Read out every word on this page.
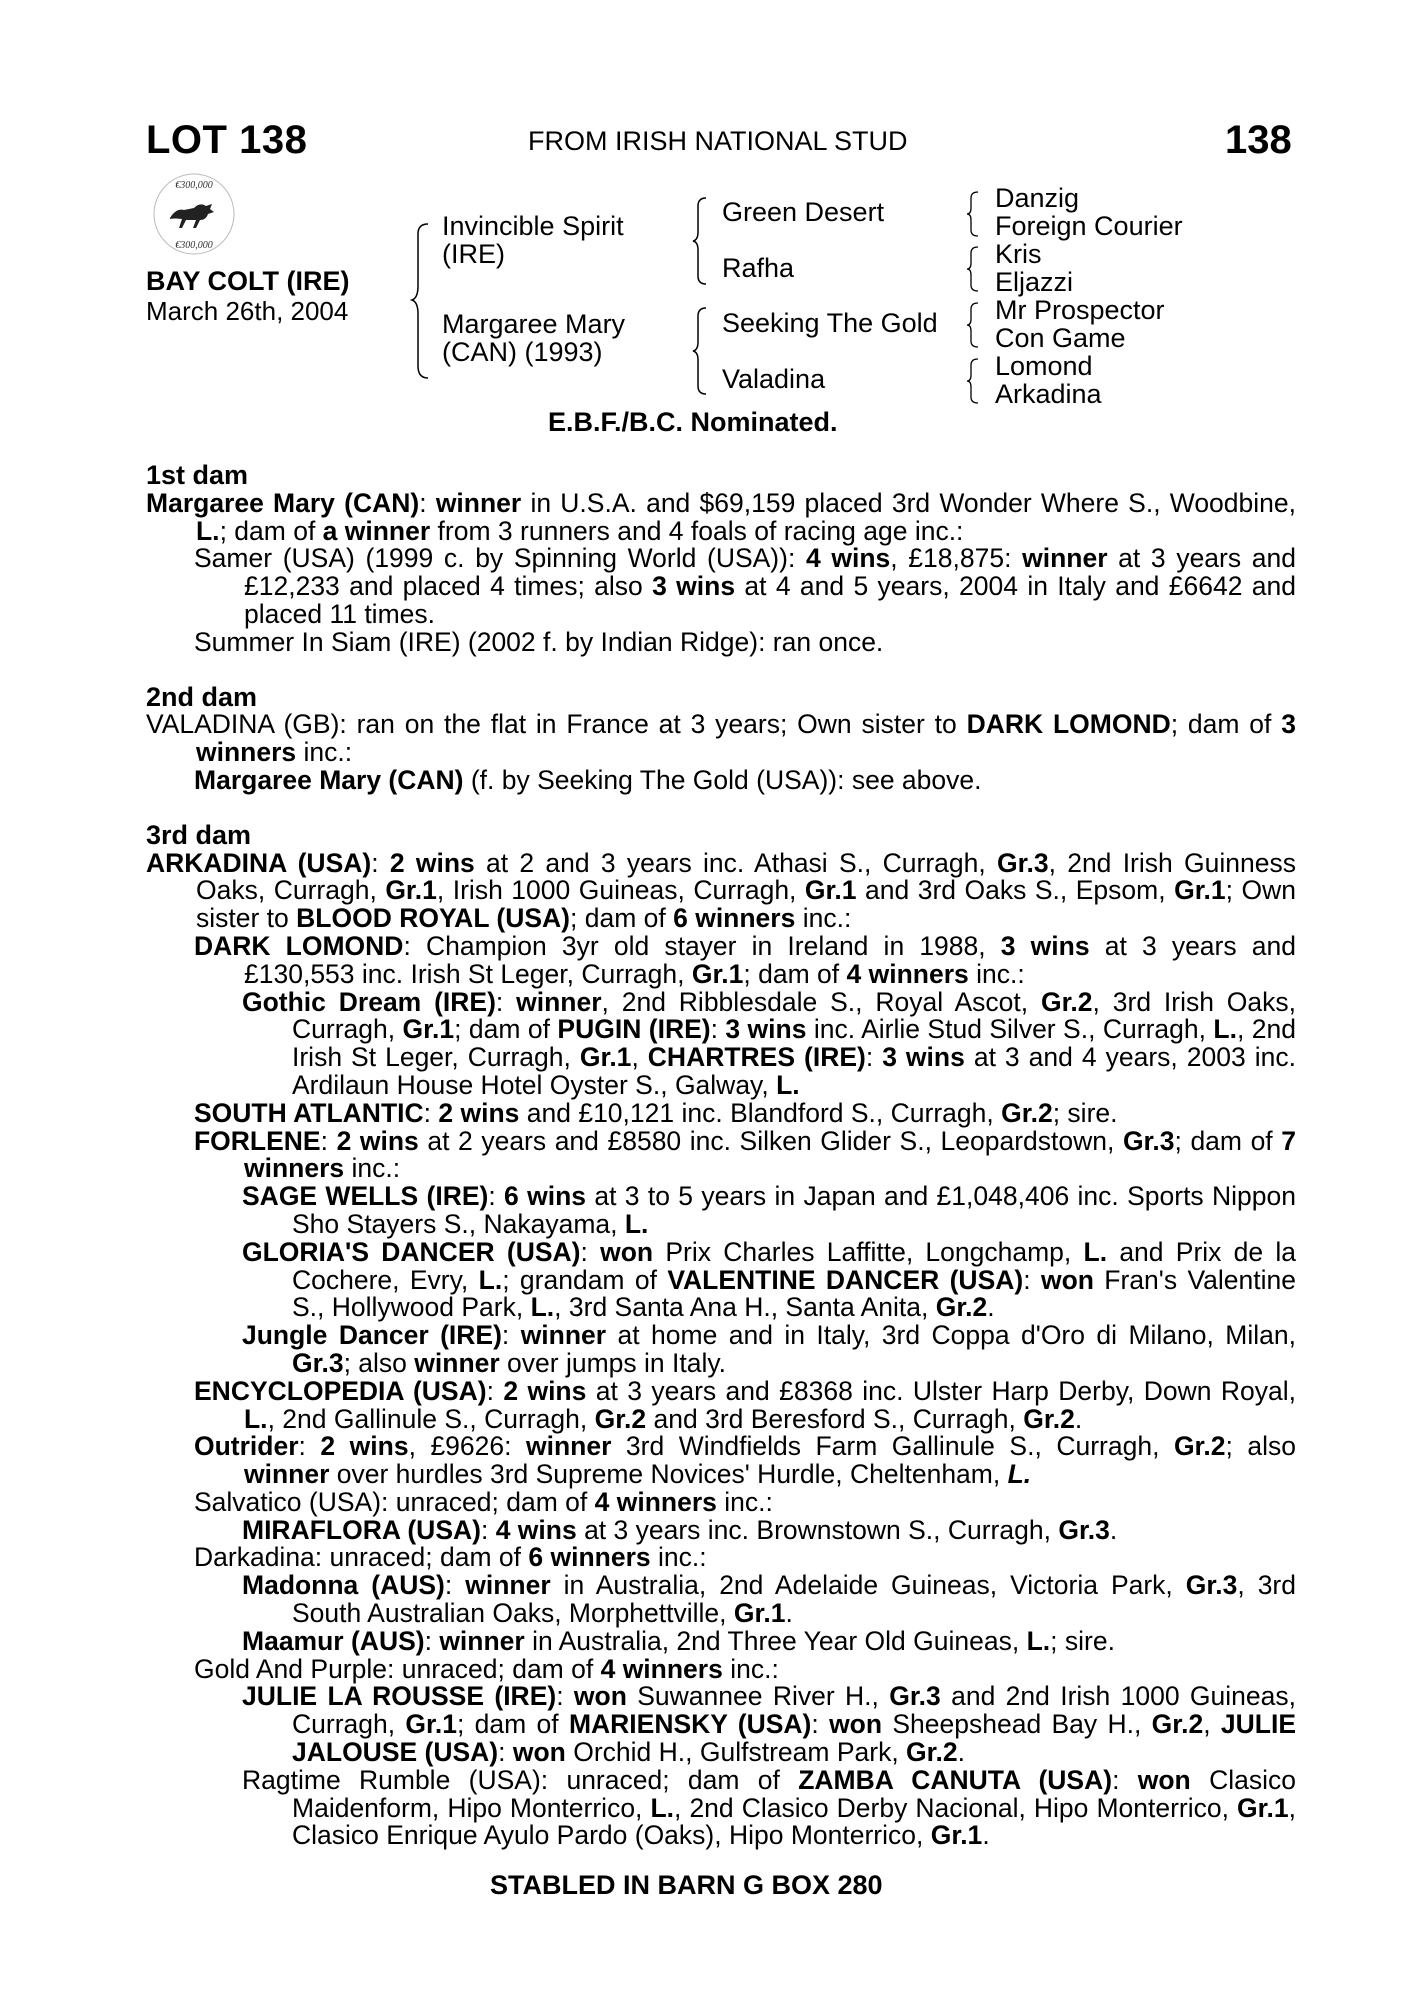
LOT 138	FROM IRISH NATIONAL STUD	138
€300,000
€300,000
BAY COLT (IRE)
March 26th, 2004
Invincible Spirit (IRE)
Margaree Mary (CAN) (1993)
Green Desert
Rafha
Seeking The Gold
Valadina
Danzig
Foreign Courier
Kris
Eljazzi
Mr Prospector
Con Game
Lomond
Arkadina
E.B.F./B.C. Nominated.
1st dam
Margaree Mary (CAN): winner in U.S.A. and $69,159 placed 3rd Wonder Where S., Woodbine, L.; dam of a winner from 3 runners and 4 foals of racing age inc.:
Samer (USA) (1999 c. by Spinning World (USA)): 4 wins, £18,875: winner at 3 years and £12,233 and placed 4 times; also 3 wins at 4 and 5 years, 2004 in Italy and £6642 and placed 11 times.
Summer In Siam (IRE) (2002 f. by Indian Ridge): ran once.
2nd dam
VALADINA (GB): ran on the flat in France at 3 years; Own sister to DARK LOMOND; dam of 3 winners inc.:
Margaree Mary (CAN) (f. by Seeking The Gold (USA)): see above.
3rd dam
ARKADINA (USA): 2 wins at 2 and 3 years inc. Athasi S., Curragh, Gr.3, 2nd Irish Guinness Oaks, Curragh, Gr.1, Irish 1000 Guineas, Curragh, Gr.1 and 3rd Oaks S., Epsom, Gr.1; Own sister to BLOOD ROYAL (USA); dam of 6 winners inc.:
DARK LOMOND: Champion 3yr old stayer in Ireland in 1988, 3 wins at 3 years and £130,553 inc. Irish St Leger, Curragh, Gr.1; dam of 4 winners inc.:
Gothic Dream (IRE): winner, 2nd Ribblesdale S., Royal Ascot, Gr.2, 3rd Irish Oaks, Curragh, Gr.1; dam of PUGIN (IRE): 3 wins inc. Airlie Stud Silver S., Curragh, L., 2nd Irish St Leger, Curragh, Gr.1, CHARTRES (IRE): 3 wins at 3 and 4 years, 2003 inc. Ardilaun House Hotel Oyster S., Galway, L.
SOUTH ATLANTIC: 2 wins and £10,121 inc. Blandford S., Curragh, Gr.2; sire.
FORLENE: 2 wins at 2 years and £8580 inc. Silken Glider S., Leopardstown, Gr.3; dam of 7 winners inc.:
SAGE WELLS (IRE): 6 wins at 3 to 5 years in Japan and £1,048,406 inc. Sports Nippon Sho Stayers S., Nakayama, L.
GLORIA'S DANCER (USA): won Prix Charles Laffitte, Longchamp, L. and Prix de la Cochere, Evry, L.; grandam of VALENTINE DANCER (USA): won Fran's Valentine S., Hollywood Park, L., 3rd Santa Ana H., Santa Anita, Gr.2.
Jungle Dancer (IRE): winner at home and in Italy, 3rd Coppa d'Oro di Milano, Milan, Gr.3; also winner over jumps in Italy.
ENCYCLOPEDIA (USA): 2 wins at 3 years and £8368 inc. Ulster Harp Derby, Down Royal, L., 2nd Gallinule S., Curragh, Gr.2 and 3rd Beresford S., Curragh, Gr.2.
Outrider: 2 wins, £9626: winner 3rd Windfields Farm Gallinule S., Curragh, Gr.2; also winner over hurdles 3rd Supreme Novices' Hurdle, Cheltenham, L.
Salvatico (USA): unraced; dam of 4 winners inc.:
MIRAFLORA (USA): 4 wins at 3 years inc. Brownstown S., Curragh, Gr.3.
Darkadina: unraced; dam of 6 winners inc.:
Madonna (AUS): winner in Australia, 2nd Adelaide Guineas, Victoria Park, Gr.3, 3rd South Australian Oaks, Morphettville, Gr.1.
Maamur (AUS): winner in Australia, 2nd Three Year Old Guineas, L.; sire.
Gold And Purple: unraced; dam of 4 winners inc.:
JULIE LA ROUSSE (IRE): won Suwannee River H., Gr.3 and 2nd Irish 1000 Guineas, Curragh, Gr.1; dam of MARIENSKY (USA): won Sheepshead Bay H., Gr.2, JULIE JALOUSE (USA): won Orchid H., Gulfstream Park, Gr.2.
Ragtime Rumble (USA): unraced; dam of ZAMBA CANUTA (USA): won Clasico Maidenform, Hipo Monterrico, L., 2nd Clasico Derby Nacional, Hipo Monterrico, Gr.1, Clasico Enrique Ayulo Pardo (Oaks), Hipo Monterrico, Gr.1.
STABLED IN BARN G BOX 280
